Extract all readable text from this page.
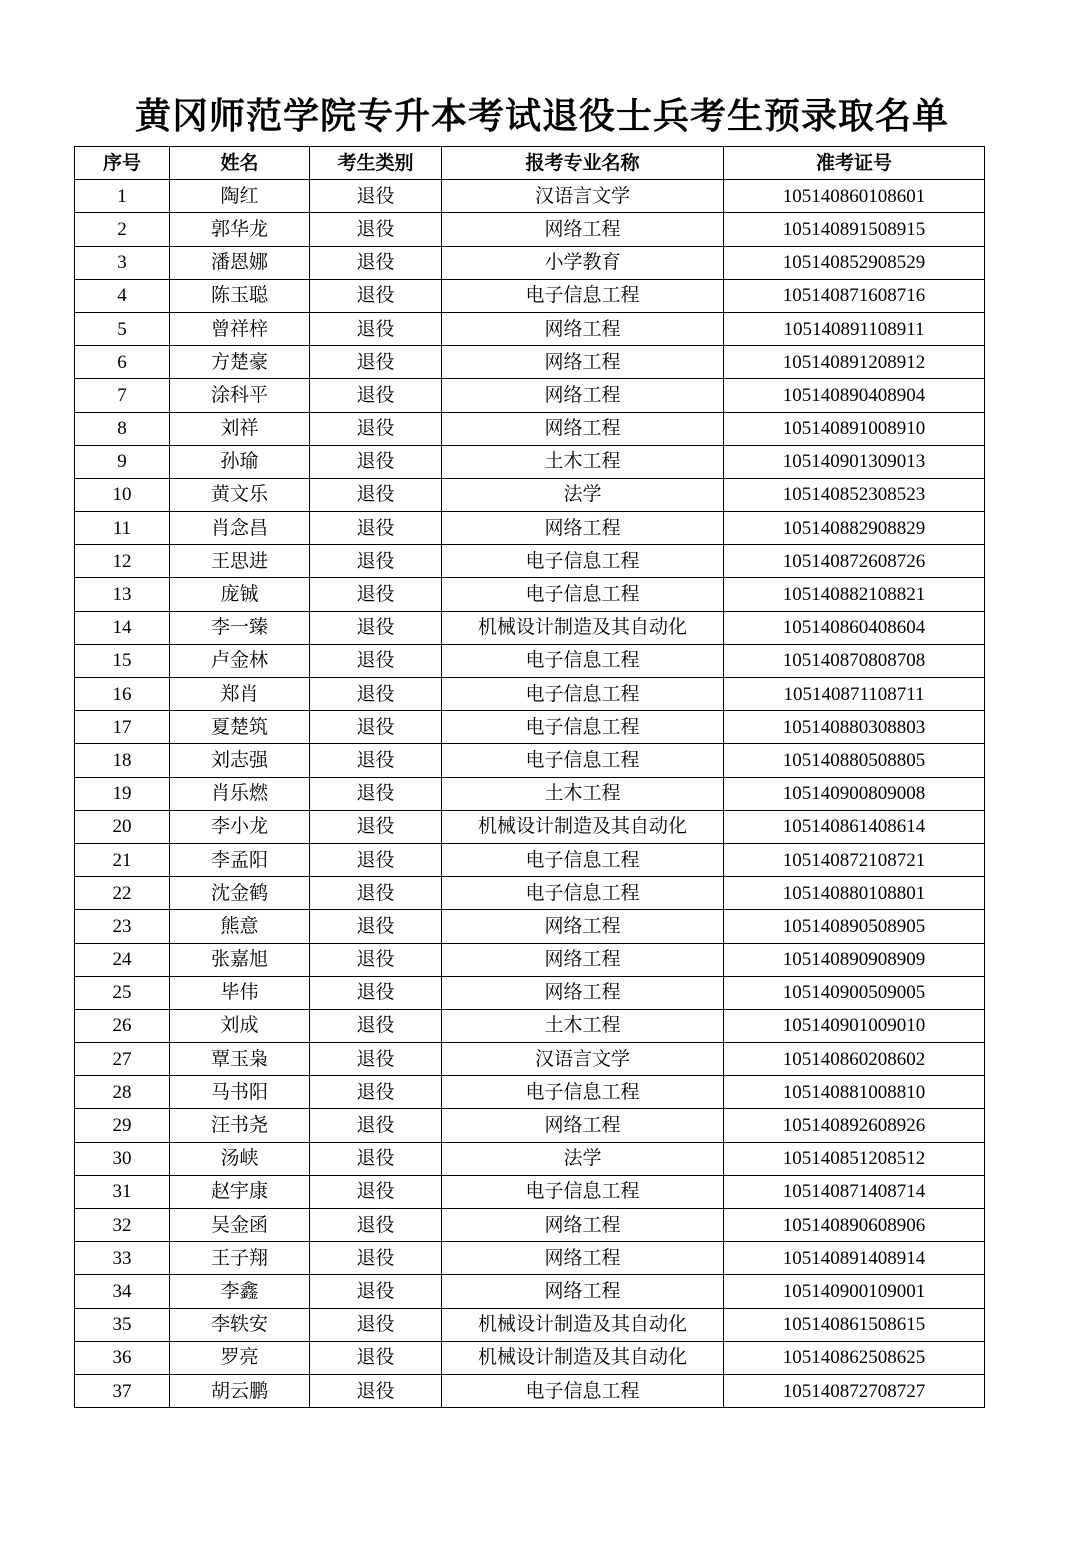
黄冈师范学院专升本考试退役士兵考生预录取名单
序号	姓名	考生类别	报考专业名称	准考证号
1	陶红	退役	汉语言文学	105140860108601
2	郭华龙	退役	网络工程	105140891508915
3	潘恩娜	退役	小学教育	105140852908529
4	陈玉聪	退役	电子信息工程	105140871608716
5	曾祥梓	退役	网络工程	105140891108911
6	方楚豪	退役	网络工程	105140891208912
7	涂科平	退役	网络工程	105140890408904
8	刘祥	退役	网络工程	105140891008910
9	孙瑜	退役	土木工程	105140901309013
10	黄文乐	退役	法学	105140852308523
11	肖念昌	退役	网络工程	105140882908829
12	王思进	退役	电子信息工程	105140872608726
13	庞铖	退役	电子信息工程	105140882108821
14	李一臻	退役	机械设计制造及其自动化	105140860408604
15	卢金林	退役	电子信息工程	105140870808708
16	郑肖	退役	电子信息工程	105140871108711
17	夏楚筑	退役	电子信息工程	105140880308803
18	刘志强	退役	电子信息工程	105140880508805
19	肖乐燃	退役	土木工程	105140900809008
20	李小龙	退役	机械设计制造及其自动化	105140861408614
21	李孟阳	退役	电子信息工程	105140872108721
22	沈金鹤	退役	电子信息工程	105140880108801
23	熊意	退役	网络工程	105140890508905
24	张嘉旭	退役	网络工程	105140890908909
25	毕伟	退役	网络工程	105140900509005
26	刘成	退役	土木工程	105140901009010
27	覃玉枭	退役	汉语言文学	105140860208602
28	马书阳	退役	电子信息工程	105140881008810
29	汪书尧	退役	网络工程	105140892608926
30	汤峡	退役	法学	105140851208512
31	赵宇康	退役	电子信息工程	105140871408714
32	吴金函	退役	网络工程	105140890608906
33	王子翔	退役	网络工程	105140891408914
34	李鑫	退役	网络工程	105140900109001
35	李轶安	退役	机械设计制造及其自动化	105140861508615
36	罗亮	退役	机械设计制造及其自动化	105140862508625
37	胡云鹏	退役	电子信息工程	105140872708727
